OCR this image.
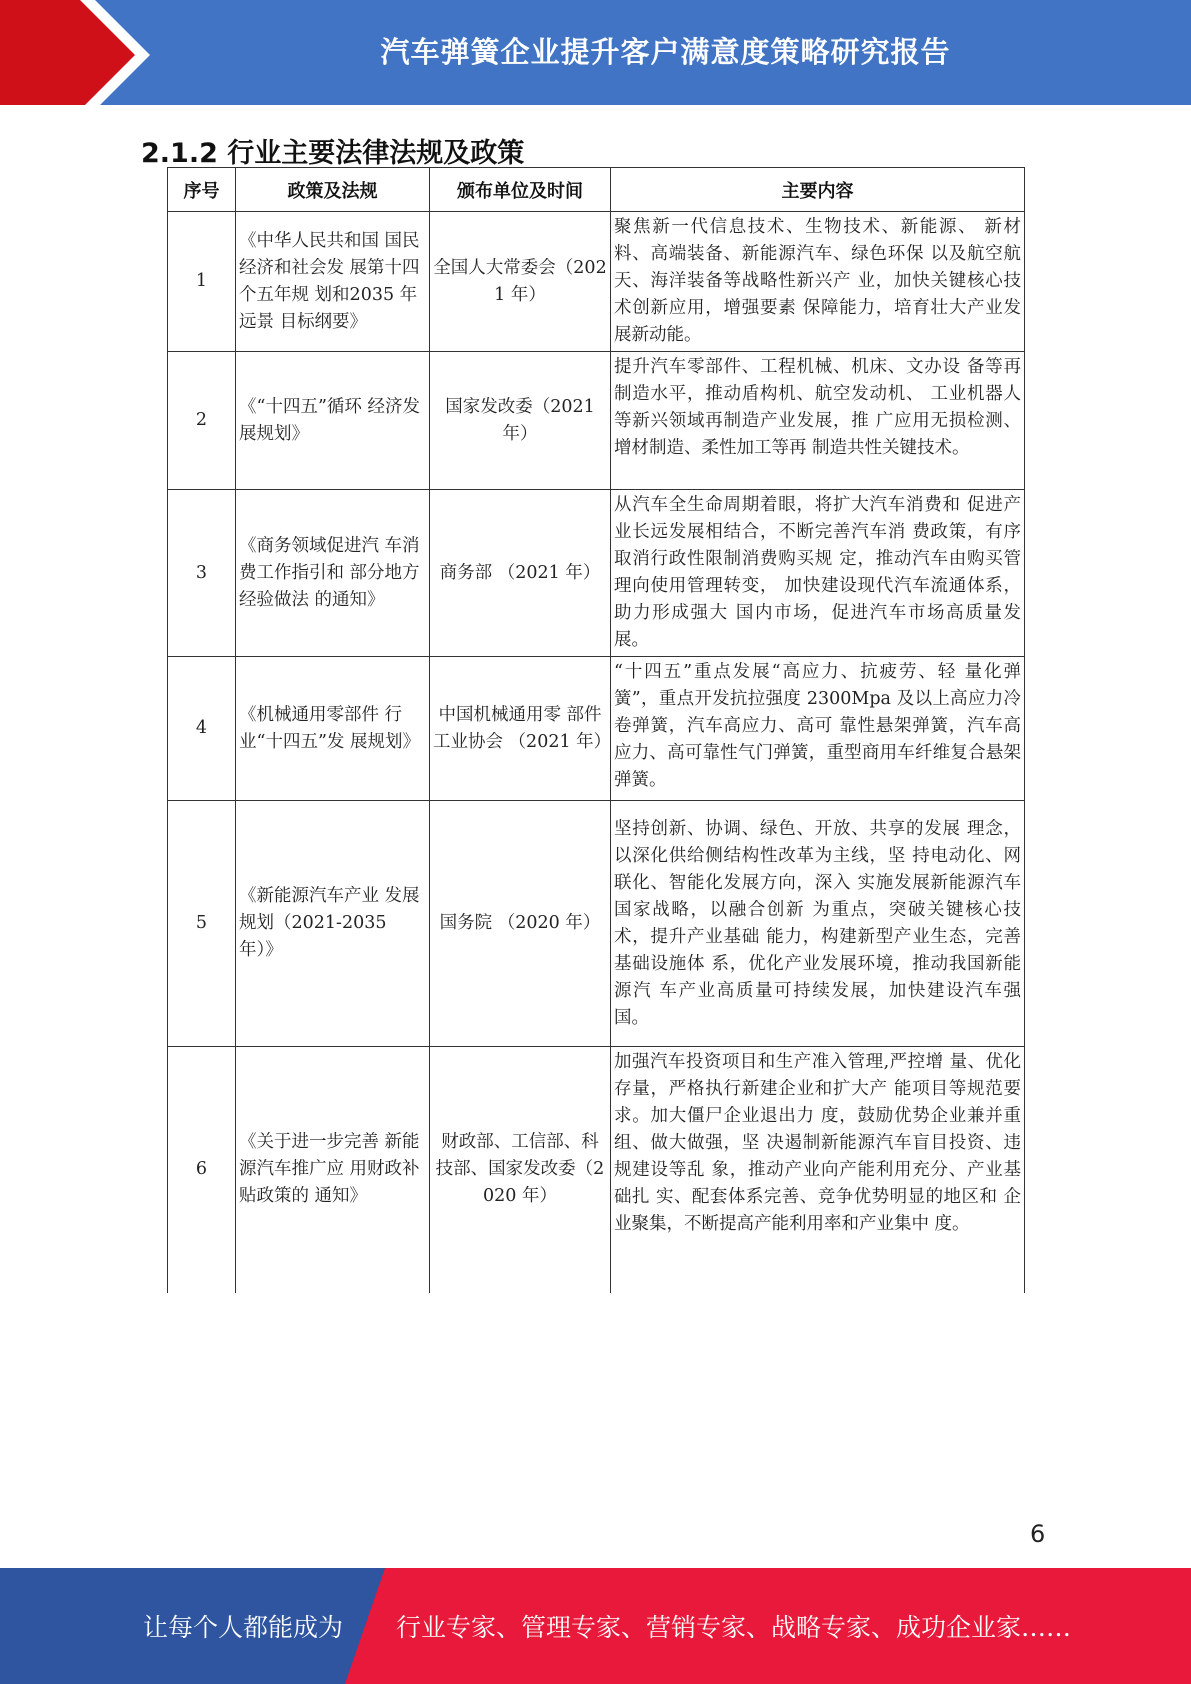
汽车弹簧企业提升客户满意度策略研究报告
2.1.2 行业主要法律法规及政策
序号	政策及法规	颁布单位及时间	主要内容
1	《中华人民共和国 国民经济和社会发 展第十四个五年规 划和2035 年远景 目标纲要》	全国人大常委会（2021 年）	聚焦新一代信息技术、生物技术、新能源、 新材料、高端装备、新能源汽车、绿色环保 以及航空航天、海洋装备等战略性新兴产 业，加快关键核心技术创新应用，增强要素 保障能力，培育壮大产业发展新动能。
2	《“十四五”循环 经济发展规划》	国家发改委（2021 年）	提升汽车零部件、工程机械、机床、文办设 备等再制造水平，推动盾构机、航空发动机、 工业机器人等新兴领域再制造产业发展，推 广应用无损检测、增材制造、柔性加工等再 制造共性关键技术。
3	《商务领域促进汽 车消费工作指引和 部分地方经验做法 的通知》	商务部 （2021 年）	从汽车全生命周期着眼，将扩大汽车消费和 促进产业长远发展相结合，不断完善汽车消 费政策，有序取消行政性限制消费购买规 定，推动汽车由购买管理向使用管理转变， 加快建设现代汽车流通体系，助力形成强大 国内市场，促进汽车市场高质量发展。
4	《机械通用零部件 行业“十四五”发 展规划》	中国机械通用零 部件工业协会 （2021 年）	“十四五”重点发展“高应力、抗疲劳、轻 量化弹簧”，重点开发抗拉强度 2300Mpa 及以上高应力冷卷弹簧，汽车高应力、高可 靠性悬架弹簧，汽车高应力、高可靠性气门弹簧，重型商用车纤维复合悬架弹簧。
5	《新能源汽车产业 发展规划（2021-2035 年）》	国务院 （2020 年）	坚持创新、协调、绿色、开放、共享的发展 理念，以深化供给侧结构性改革为主线，坚 持电动化、网联化、智能化发展方向，深入 实施发展新能源汽车国家战略，以融合创新 为重点，突破关键核心技术，提升产业基础 能力，构建新型产业生态，完善基础设施体 系，优化产业发展环境，推动我国新能源汽 车产业高质量可持续发展，加快建设汽车强 国。
6	《关于进一步完善 新能源汽车推广应 用财政补贴政策的 通知》	财政部、工信部、科技部、国家发改委（2020 年）	加强汽车投资项目和生产准入管理,严控增 量、优化存量，严格执行新建企业和扩大产 能项目等规范要求。加大僵尸企业退出力 度，鼓励优势企业兼并重组、做大做强，坚 决遏制新能源汽车盲目投资、违规建设等乱 象，推动产业向产能利用充分、产业基础扎 实、配套体系完善、竞争优势明显的地区和 企业聚集，不断提高产能利用率和产业集中 度。
6
让每个人都能成为 行业专家、管理专家、营销专家、战略专家、成功企业家……
